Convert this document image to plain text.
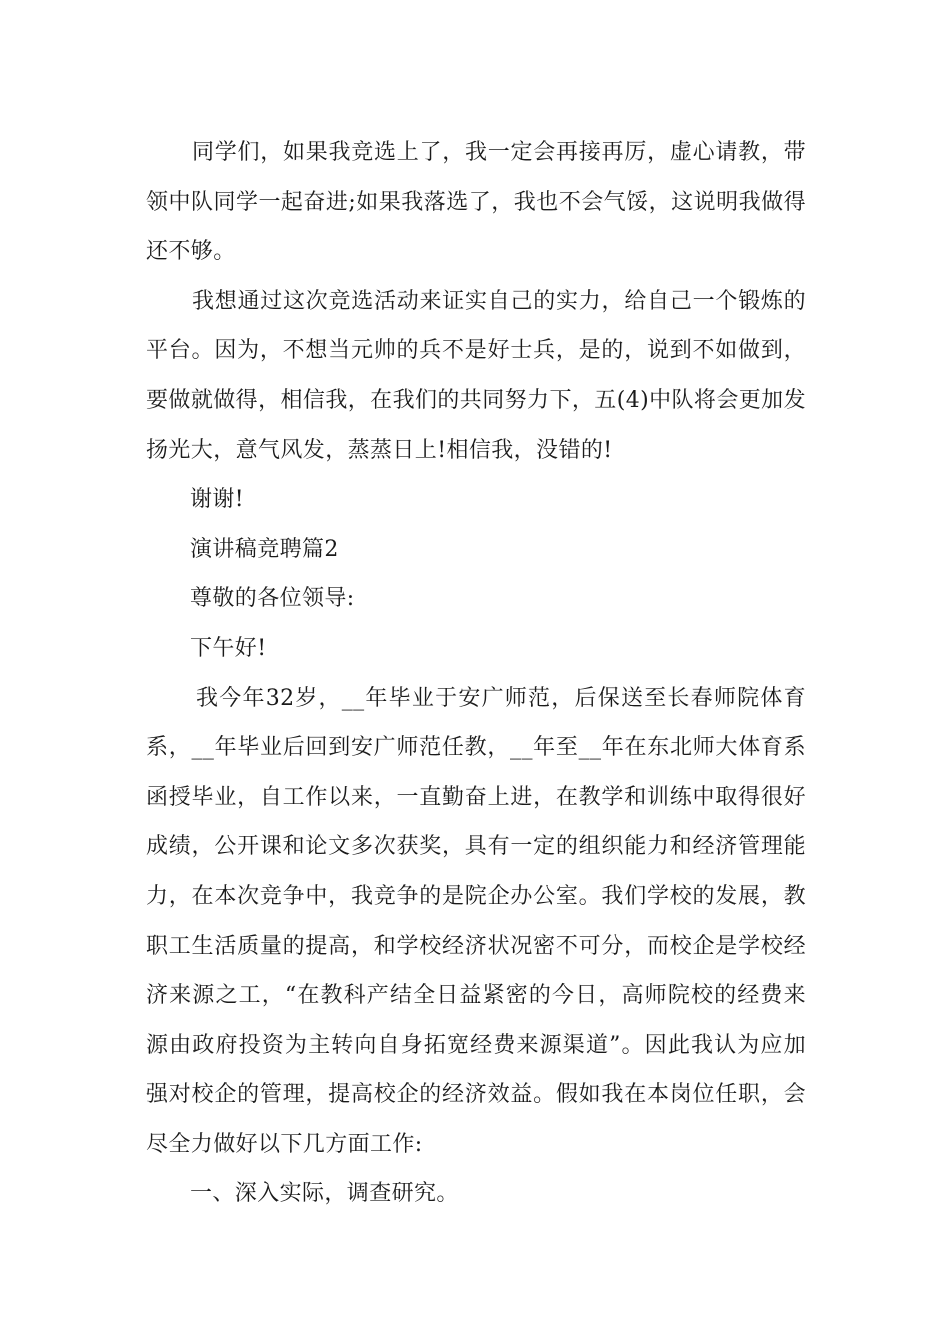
同学们，如果我竞选上了，我一定会再接再厉，虚心请教，带领中队同学一起奋进;如果我落选了，我也不会气馁，这说明我做得还不够。

我想通过这次竞选活动来证实自己的实力，给自己一个锻炼的平台。因为，不想当元帅的兵不是好士兵，是的，说到不如做到，要做就做得，相信我，在我们的共同努力下，五(4)中队将会更加发扬光大，意气风发，蒸蒸日上!相信我，没错的!

谢谢!

演讲稿竞聘篇2

尊敬的各位领导:

下午好!

我今年32岁，__年毕业于安广师范，后保送至长春师院体育系，__年毕业后回到安广师范任教，__年至__年在东北师大体育系函授毕业，自工作以来，一直勤奋上进，在教学和训练中取得很好成绩，公开课和论文多次获奖，具有一定的组织能力和经济管理能力，在本次竞争中，我竞争的是院企办公室。我们学校的发展，教职工生活质量的提高，和学校经济状况密不可分，而校企是学校经济来源之工，“在教科产结全日益紧密的今日，高师院校的经费来源由政府投资为主转向自身拓宽经费来源渠道”。因此我认为应加强对校企的管理，提高校企的经济效益。假如我在本岗位任职，会尽全力做好以下几方面工作:

一、深入实际，调查研究。
